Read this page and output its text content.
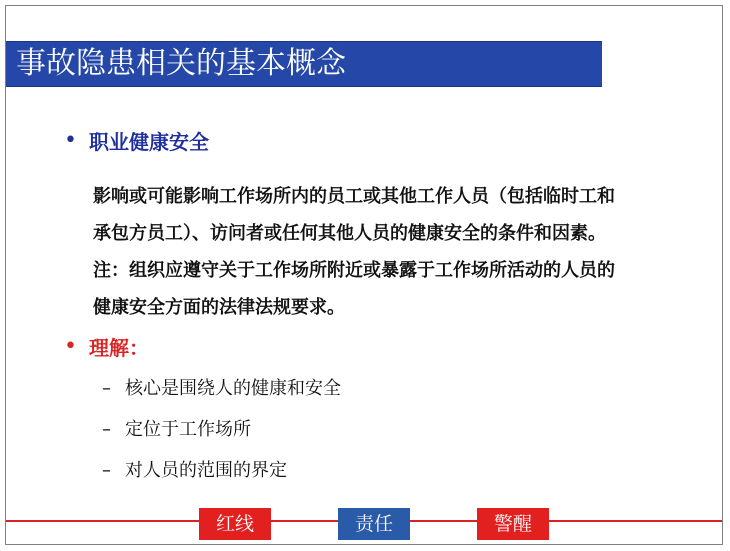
事故隐患相关的基本概念
• 职业健康安全
影响或可能影响工作场所内的员工或其他工作人员（包括临时工和
承包方员工）、访问者或任何其他人员的健康安全的条件和因素。
注：组织应遵守关于工作场所附近或暴露于工作场所活动的人员的
健康安全方面的法律法规要求。
• 理解：
– 核心是围绕人的健康和安全
– 定位于工作场所
– 对人员的范围的界定
红线	责任	警醒
